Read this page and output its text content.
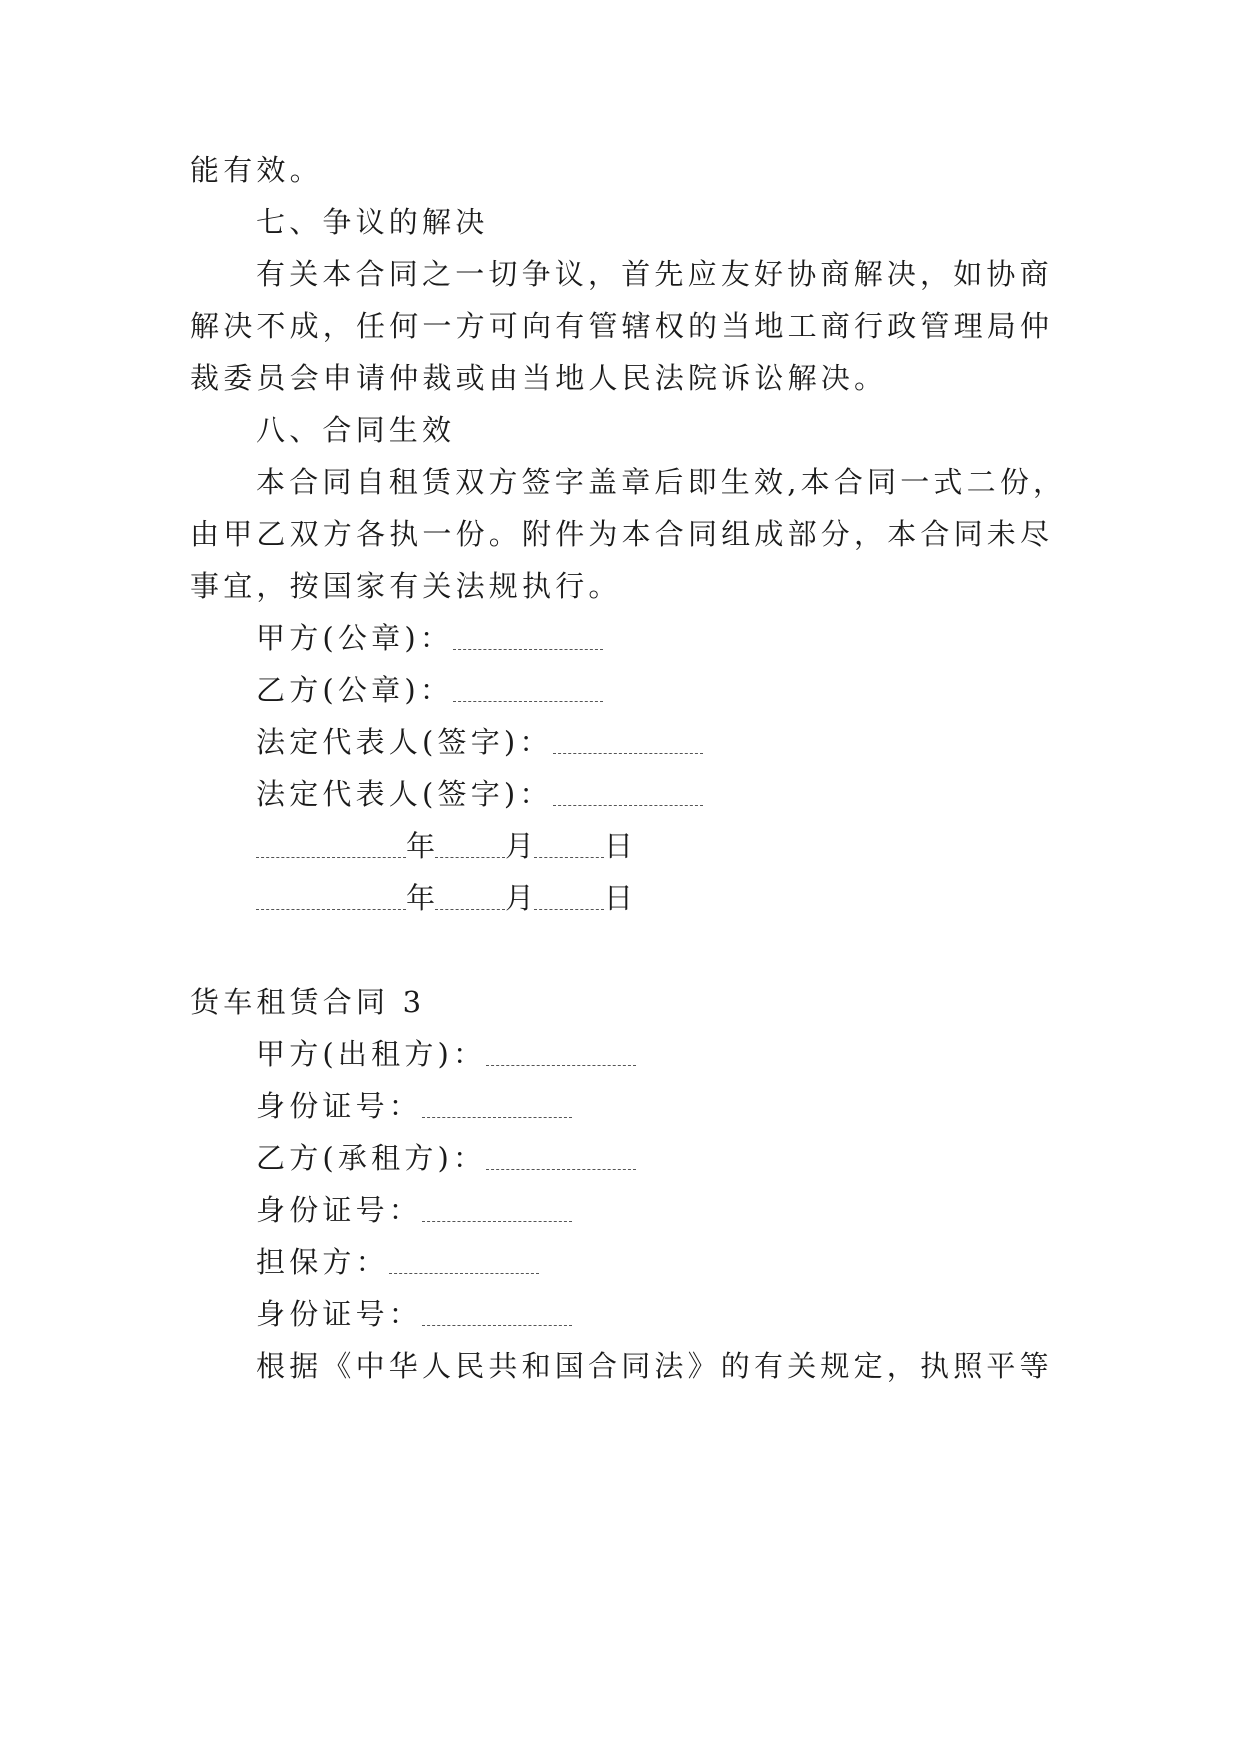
能有效。
七、争议的解决
有关本合同之一切争议，首先应友好协商解决，如协商
解决不成，任何一方可向有管辖权的当地工商行政管理局仲
裁委员会申请仲裁或由当地人民法院诉讼解决。
八、合同生效
本合同自租赁双方签字盖章后即生效,本合同一式二份，
由甲乙双方各执一份。附件为本合同组成部分，本合同未尽
事宜，按国家有关法规执行。
甲方(公章)：
乙方(公章)：
法定代表人(签字)：
法定代表人(签字)：
年 月 日
年 月 日
货车租赁合同 3
甲方(出租方)：
身份证号：
乙方(承租方)：
身份证号：
担保方：
身份证号：
根据《中华人民共和国合同法》的有关规定，执照平等
